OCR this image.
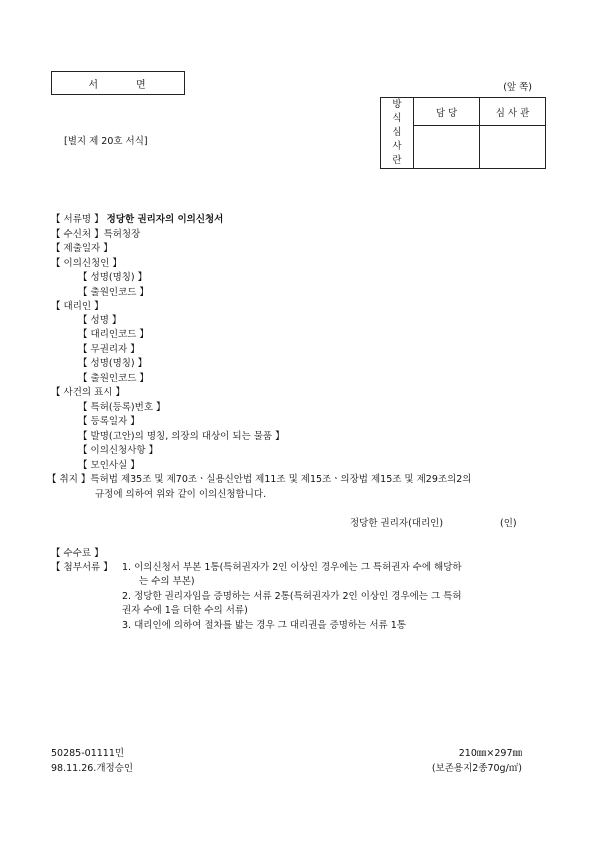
서	면	(앞 쪽)
[별지 제 20호 서식]
방
식
심
사
란	담 당	심 사 관

【 서류명 】 정당한 권리자의 이의신청서
【 수신처 】특허청장
【 제출일자 】
【 이의신청인 】
【 성명(명칭) 】
【 출원인코드 】
【 대리인 】
【 성명 】
【 대리인코드 】
【 무권리자 】
【 성명(명칭) 】
【 출원인코드 】
【 사건의 표시 】
【 특허(등록)번호 】
【 등록일자 】
【 발명(고안)의 명칭, 의장의 대상이 되는 물품 】
【 이의신청사항 】
【 모인사실 】
【 취지 】특허법 제35조 및 제70조ㆍ실용신안법 제11조 및 제15조ㆍ의장법 제15조 및 제29조의2의
규정에 의하여 위와 같이 이의신청합니다.
정당한 권리자(대리인)	(인)
【 수수료 】
【 첨부서류 】 1. 이의신청서 부본 1통(특허권자가 2인 이상인 경우에는 그 특허권자 수에 해당하
는 수의 부본)
2. 정당한 권리자임을 증명하는 서류 2통(특허권자가 2인 이상인 경우에는 그 특허
권자 수에 1을 더한 수의 서류)
3. 대리인에 의하여 절차를 밟는 경우 그 대리권을 증명하는 서류 1통
50285-01111민
98.11.26.개정승인
210㎜×297㎜
(보존용지2종70g/㎡)
